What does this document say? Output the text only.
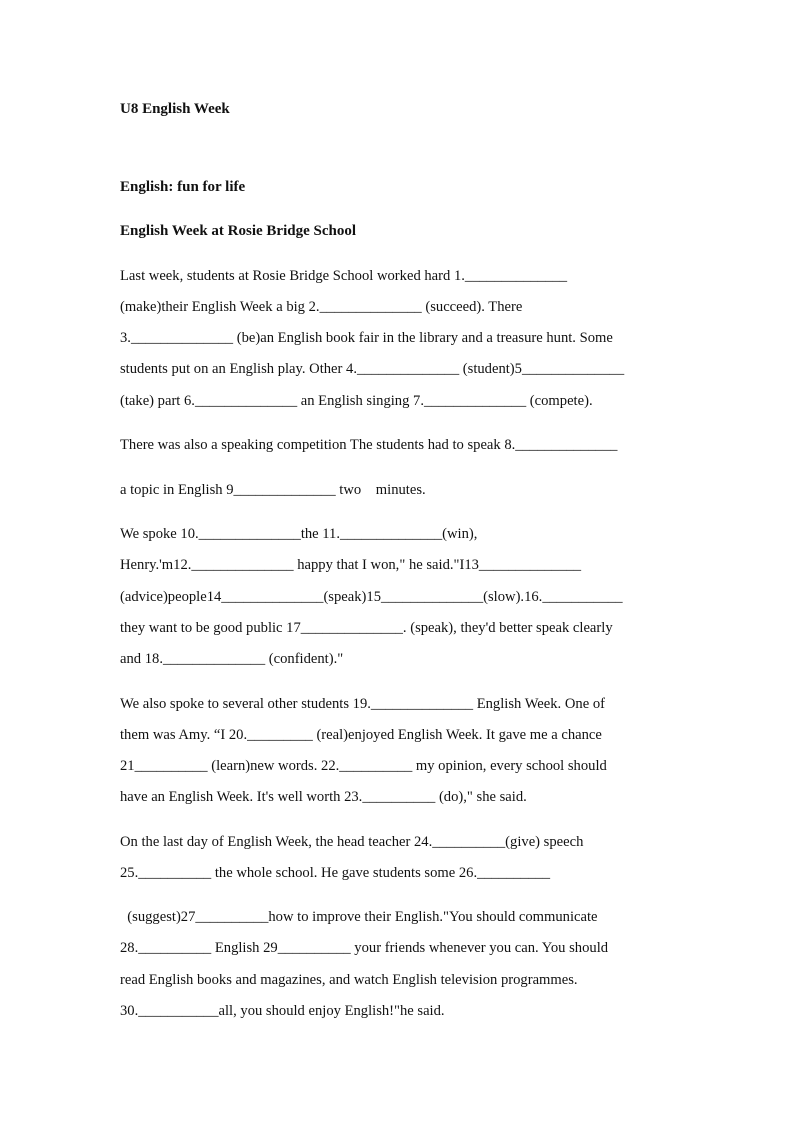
U8 English Week
English: fun for life
English Week at Rosie Bridge School
Last week, students at Rosie Bridge School worked hard 1.______________
(make)their English Week a big 2.______________ (succeed). There
3.______________ (be)an English book fair in the library and a treasure hunt. Some
students put on an English play. Other 4.______________ (student)5______________
(take) part 6.______________ an English singing 7.______________ (compete).
There was also a speaking competition The students had to speak 8.______________
a topic in English 9______________ two    minutes.
We spoke 10.______________the 11.______________(win),
Henry.'m12.______________ happy that I won," he said."I13______________
(advice)people14______________(speak)15______________(slow).16.___________
they want to be good public 17______________. (speak), they'd better speak clearly
and 18.______________ (confident)."
We also spoke to several other students 19.______________ English Week. One of
them was Amy. “I 20._________ (real)enjoyed English Week. It gave me a chance
21__________ (learn)new words. 22.__________ my opinion, every school should
have an English Week. It's well worth 23.__________ (do)," she said.
On the last day of English Week, the head teacher 24.__________(give) speech
25.__________ the whole school. He gave students some 26.__________
(suggest)27__________how to improve their English."You should communicate
28.__________ English 29__________ your friends whenever you can. You should
read English books and magazines, and watch English television programmes.
30.___________all, you should enjoy English!"he said.
